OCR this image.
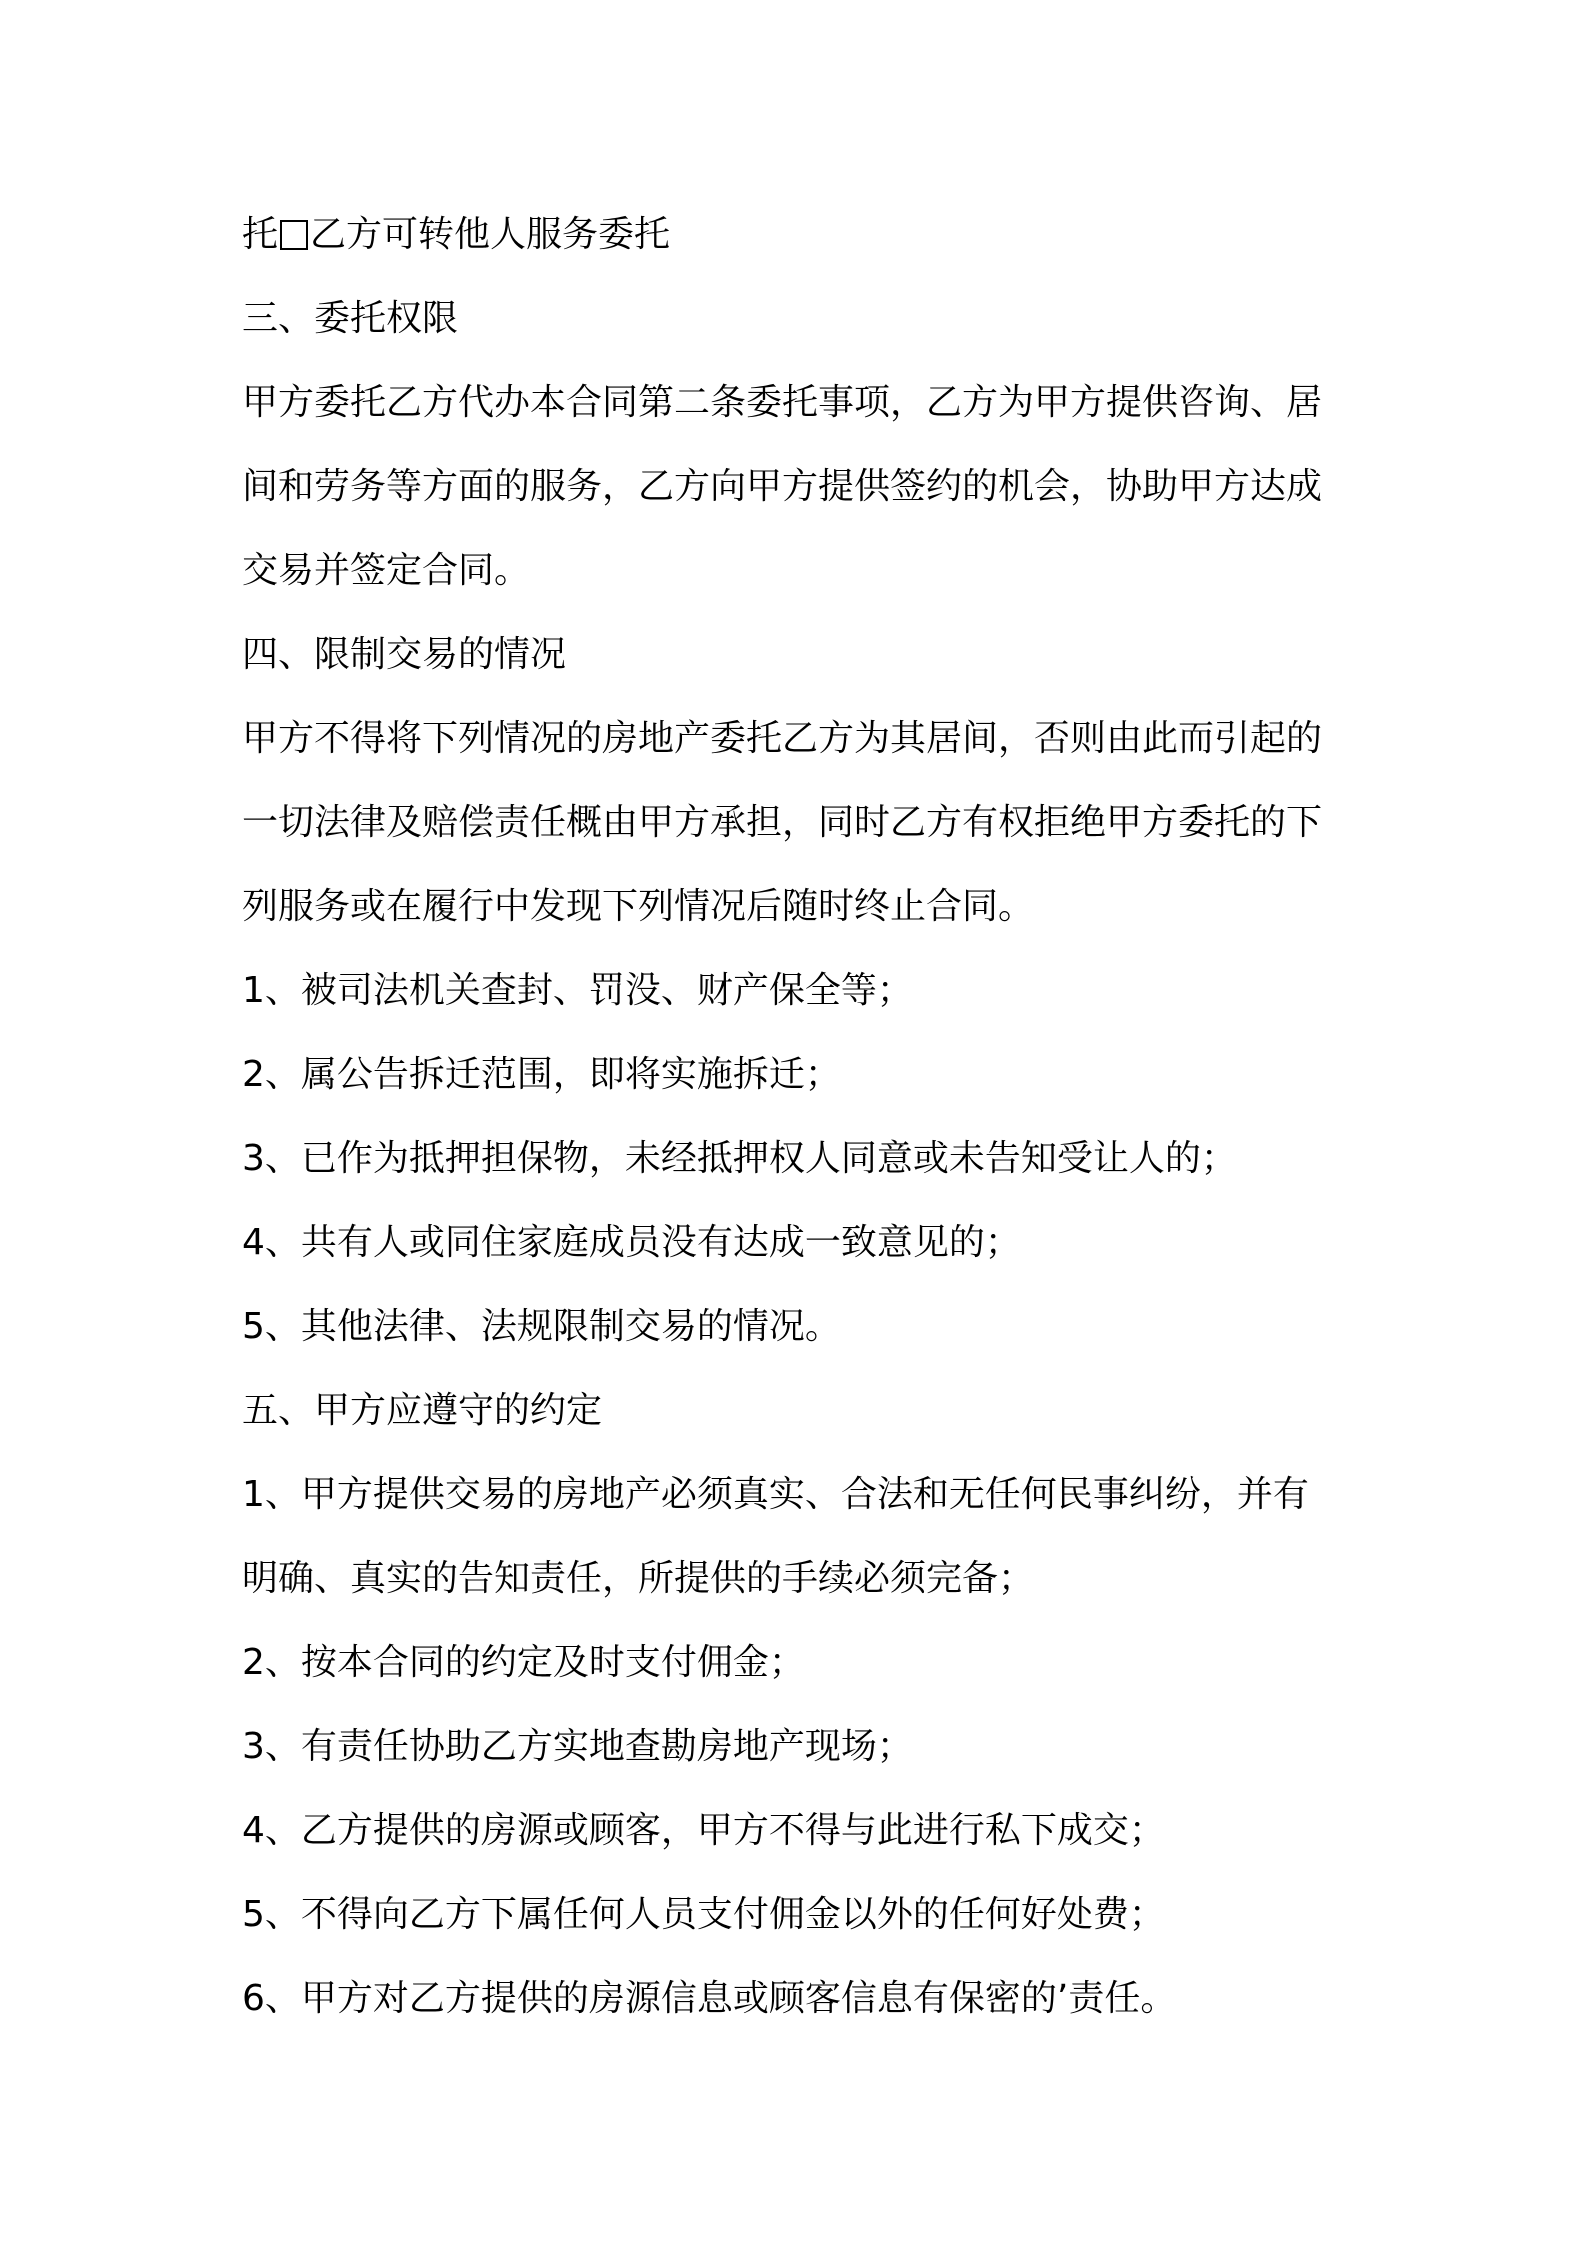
托 乙方可转他人服务委托
三、委托权限
甲方委托乙方代办本合同第二条委托事项，乙方为甲方提供咨询、居
间和劳务等方面的服务，乙方向甲方提供签约的机会，协助甲方达成
交易并签定合同。
四、限制交易的情况
甲方不得将下列情况的房地产委托乙方为其居间，否则由此而引起的
一切法律及赔偿责任概由甲方承担，同时乙方有权拒绝甲方委托的下
列服务或在履行中发现下列情况后随时终止合同。
1、被司法机关查封、罚没、财产保全等；
2、属公告拆迁范围，即将实施拆迁；
3、已作为抵押担保物，未经抵押权人同意或未告知受让人的；
4、共有人或同住家庭成员没有达成一致意见的；
5、其他法律、法规限制交易的情况。
五、甲方应遵守的约定
1、甲方提供交易的房地产必须真实、合法和无任何民事纠纷，并有
明确、真实的告知责任，所提供的手续必须完备；
2、按本合同的约定及时支付佣金；
3、有责任协助乙方实地查勘房地产现场；
4、乙方提供的房源或顾客，甲方不得与此进行私下成交；
5、不得向乙方下属任何人员支付佣金以外的任何好处费；
6、甲方对乙方提供的房源信息或顾客信息有保密的’责任。
